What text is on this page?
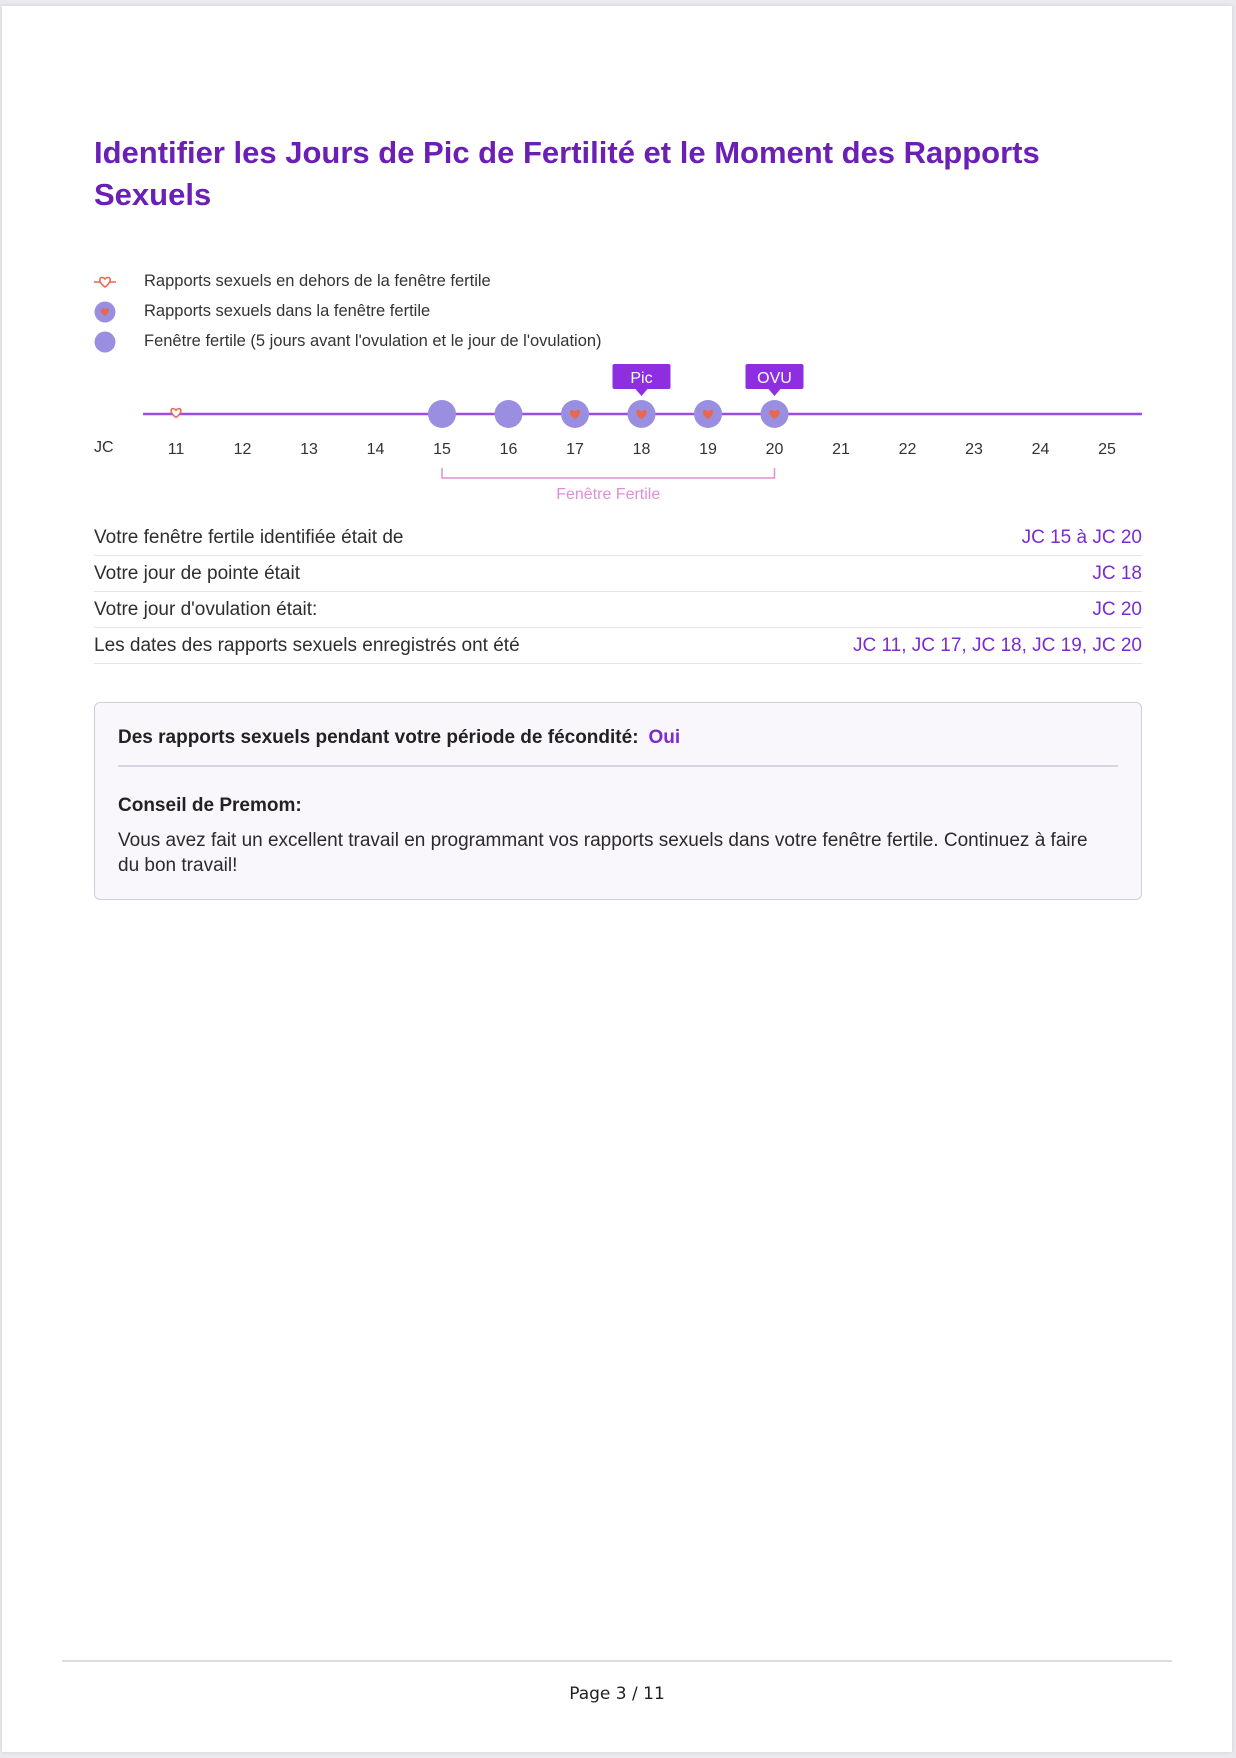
Identifier les Jours de Pic de Fertilité et le Moment des Rapports Sexuels
Rapports sexuels en dehors de la fenêtre fertile
Rapports sexuels dans la fenêtre fertile
Fenêtre fertile (5 jours avant l'ovulation et le jour de l'ovulation)
JC	11	12	13	14	15	16	17	18	19	20	21	22	23	24	25
Pic	OVU
Fenêtre Fertile
Votre fenêtre fertile identifiée était de	JC 15 à JC 20
Votre jour de pointe était	JC 18
Votre jour d'ovulation était:	JC 20
Les dates des rapports sexuels enregistrés ont été	JC 11, JC 17, JC 18, JC 19, JC 20
Des rapports sexuels pendant votre période de fécondité: Oui
Conseil de Premom:
Vous avez fait un excellent travail en programmant vos rapports sexuels dans votre fenêtre fertile. Continuez à faire du bon travail!
Page 3 / 11
